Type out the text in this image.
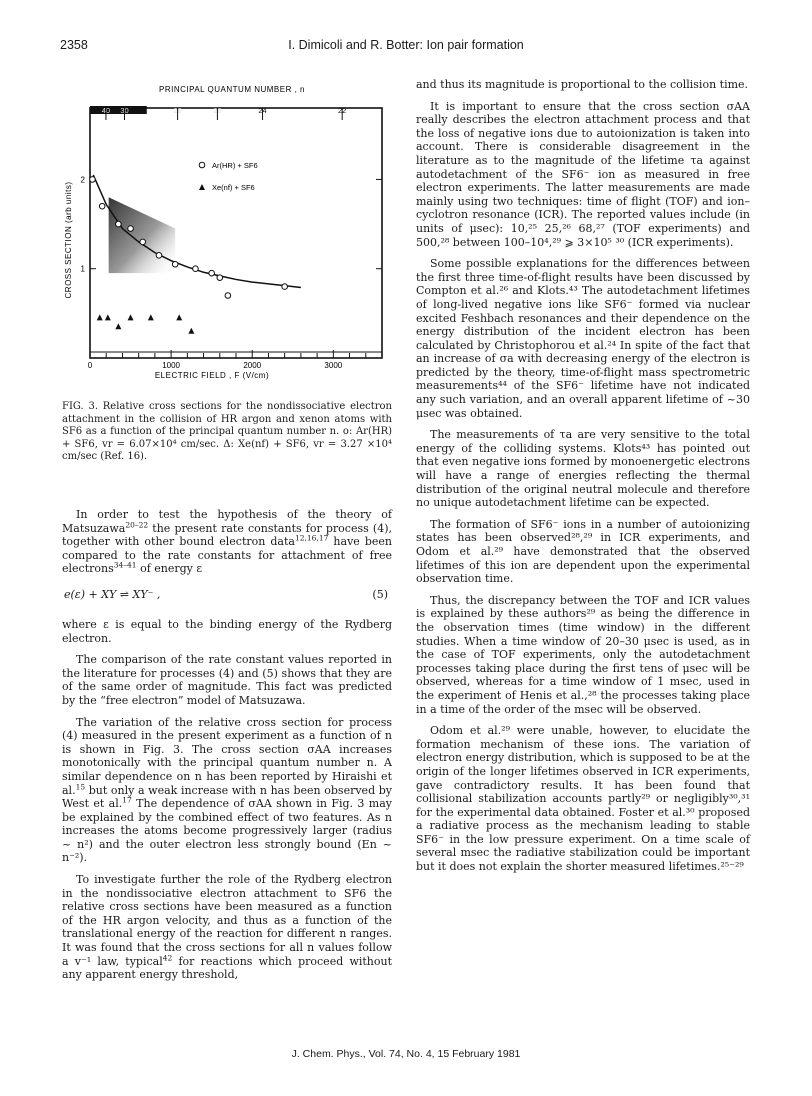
2358	I. Dimicoli and R. Botter: Ion pair formation
PRINCIPAL QUANTUM NUMBER , n
ELECTRIC FIELD , F (V/cm)
CROSS SECTION (arb units)
40 30	28	26	24	22
0	1000	2000	3000
1
2
Ar(HR) + SF6
Xe(nf) + SF6
FIG. 3. Relative cross sections for the nondissociative electron attachment in the collision of HR argon and xenon atoms with SF6 as a function of the principal quantum number n. o: Ar(HR) + SF6, vr = 6.07×10⁴ cm/sec. Δ: Xe(nf) + SF6, vr = 3.27 ×10⁴ cm/sec (Ref. 16).

In order to test the hypothesis of the theory of Matsuzawa$^{20-22}$ the present rate constants for process (4), together with other bound electron data$^{12,16,17}$ have been compared to the rate constants for attachment of free electrons$^{34-41}$ of energy ε

e(ε) + XY ⇌ XY⁻ ,	(5)

where ε is equal to the binding energy of the Rydberg electron.

The comparison of the rate constant values reported in the literature for processes (4) and (5) shows that they are of the same order of magnitude. This fact was predicted by the “free electron” model of Matsuzawa.

The variation of the relative cross section for process (4) measured in the present experiment as a function of n is shown in Fig. 3. The cross section σAA increases monotonically with the principal quantum number n. A similar dependence on n has been reported by Hiraishi et al.$^{15}$ but only a weak increase with n has been observed by West et al.$^{17}$ The dependence of σAA shown in Fig. 3 may be explained by the combined effect of two features. As n increases the atoms become progressively larger (radius ~ n²) and the outer electron less strongly bound (En ~ n⁻²).

To investigate further the role of the Rydberg electron in the nondissociative electron attachment to SF6 the relative cross sections have been measured as a function of the HR argon velocity, and thus as a function of the translational energy of the reaction for different n ranges. It was found that the cross sections for all n values follow a v⁻¹ law, typical$^{42}$ for reactions which proceed without any apparent energy threshold,

and thus its magnitude is proportional to the collision time.

It is important to ensure that the cross section σAA really describes the electron attachment process and that the loss of negative ions due to autoionization is taken into account. There is considerable disagreement in the literature as to the magnitude of the lifetime τa against autodetachment of the SF6⁻ ion as measured in free electron experiments. The latter measurements are made mainly using two techniques: time of flight (TOF) and ion–cyclotron resonance (ICR). The reported values include (in units of μsec): 10,²⁵ 25,²⁶ 68,²⁷ (TOF experiments) and 500,²⁸ between 100–10⁴,²⁹ ⩾ 3×10⁵ ³⁰ (ICR experiments).

Some possible explanations for the differences between the first three time-of-flight results have been discussed by Compton et al.²⁶ and Klots.⁴³ The autodetachment lifetimes of long-lived negative ions like SF6⁻ formed via nuclear excited Feshbach resonances and their dependence on the energy distribution of the incident electron has been calculated by Christophorou et al.²⁴ In spite of the fact that an increase of σa with decreasing energy of the electron is predicted by the theory, time-of-flight mass spectrometric measurements⁴⁴ of the SF6⁻ lifetime have not indicated any such variation, and an overall apparent lifetime of ~30 μsec was obtained.

The measurements of τa are very sensitive to the total energy of the colliding systems. Klots⁴³ has pointed out that even negative ions formed by monoenergetic electrons will have a range of energies reflecting the thermal distribution of the original neutral molecule and therefore no unique autodetachment lifetime can be expected.

The formation of SF6⁻ ions in a number of autoionizing states has been observed²⁸,²⁹ in ICR experiments, and Odom et al.²⁹ have demonstrated that the observed lifetimes of this ion are dependent upon the experimental observation time.

Thus, the discrepancy between the TOF and ICR values is explained by these authors²⁹ as being the difference in the observation times (time window) in the different studies. When a time window of 20–30 μsec is used, as in the case of TOF experiments, only the autodetachment processes taking place during the first tens of μsec will be observed, whereas for a time window of 1 msec, used in the experiment of Henis et al.,²⁸ the processes taking place in a time of the order of the msec will be observed.

Odom et al.²⁹ were unable, however, to elucidate the formation mechanism of these ions. The variation of electron energy distribution, which is supposed to be at the origin of the longer lifetimes observed in ICR experiments, gave contradictory results. It has been found that collisional stabilization accounts partly²⁹ or negligibly³⁰,³¹ for the experimental data obtained. Foster et al.³⁰ proposed a radiative process as the mechanism leading to stable SF6⁻ in the low pressure experiment. On a time scale of several msec the radiative stabilization could be important but it does not explain the shorter measured lifetimes.²⁵⁻²⁹

J. Chem. Phys., Vol. 74, No. 4, 15 February 1981
